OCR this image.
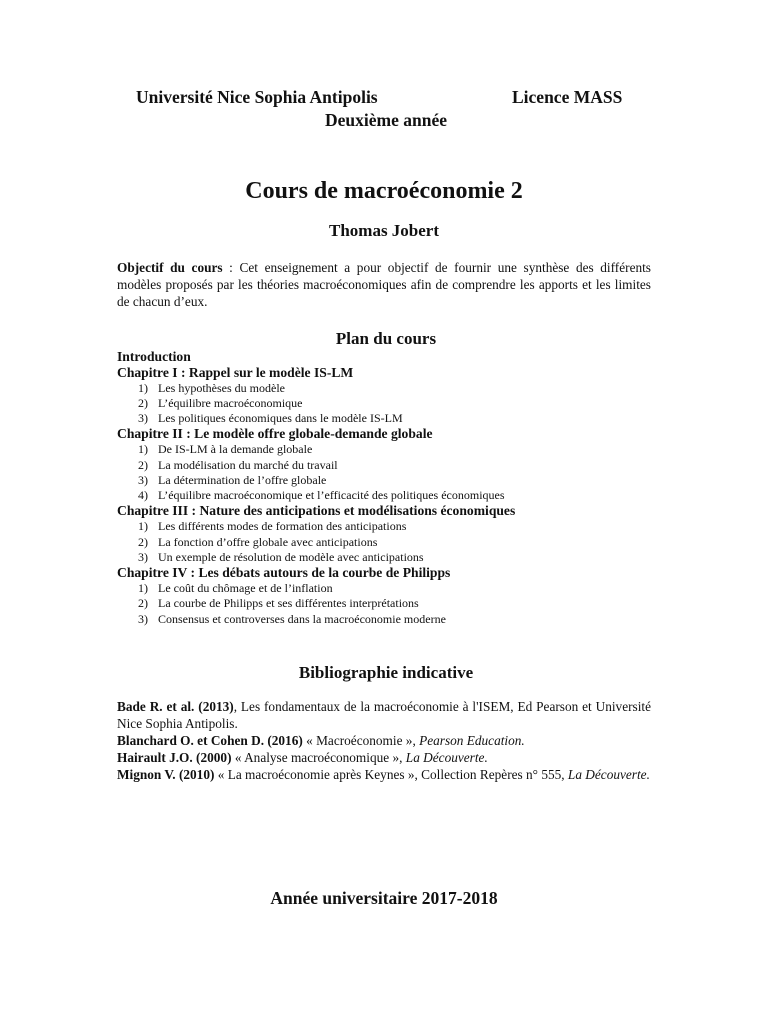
Université Nice Sophia Antipolis	Licence MASS
Deuxième année
Cours de macroéconomie 2
Thomas Jobert
Objectif du cours : Cet enseignement a pour objectif de fournir une synthèse des différents modèles proposés par les théories macroéconomiques afin de comprendre les apports et les limites de chacun d’eux.
Plan du cours
Introduction
Chapitre I : Rappel sur le modèle IS-LM
1) Les hypothèses du modèle
2) L’équilibre macroéconomique
3) Les politiques économiques dans le modèle IS-LM
Chapitre II : Le modèle offre globale-demande globale
1) De IS-LM à la demande globale
2) La modélisation du marché du travail
3) La détermination de l’offre globale
4) L’équilibre macroéconomique et l’efficacité des politiques économiques
Chapitre III : Nature des anticipations et modélisations économiques
1) Les différents modes de formation des anticipations
2) La fonction d’offre globale avec anticipations
3) Un exemple de résolution de modèle avec anticipations
Chapitre IV : Les débats autours de la courbe de Philipps
1) Le coût du chômage et de l’inflation
2) La courbe de Philipps et ses différentes interprétations
3) Consensus et controverses dans la macroéconomie moderne
Bibliographie indicative
Bade R. et al. (2013), Les fondamentaux de la macroéconomie à l'ISEM, Ed Pearson et Université Nice Sophia Antipolis.
Blanchard O. et Cohen D. (2016) « Macroéconomie », Pearson Education.
Hairault J.O. (2000) « Analyse macroéconomique », La Découverte.
Mignon V. (2010) « La macroéconomie après Keynes », Collection Repères n° 555, La Découverte.
Année universitaire 2017-2018
